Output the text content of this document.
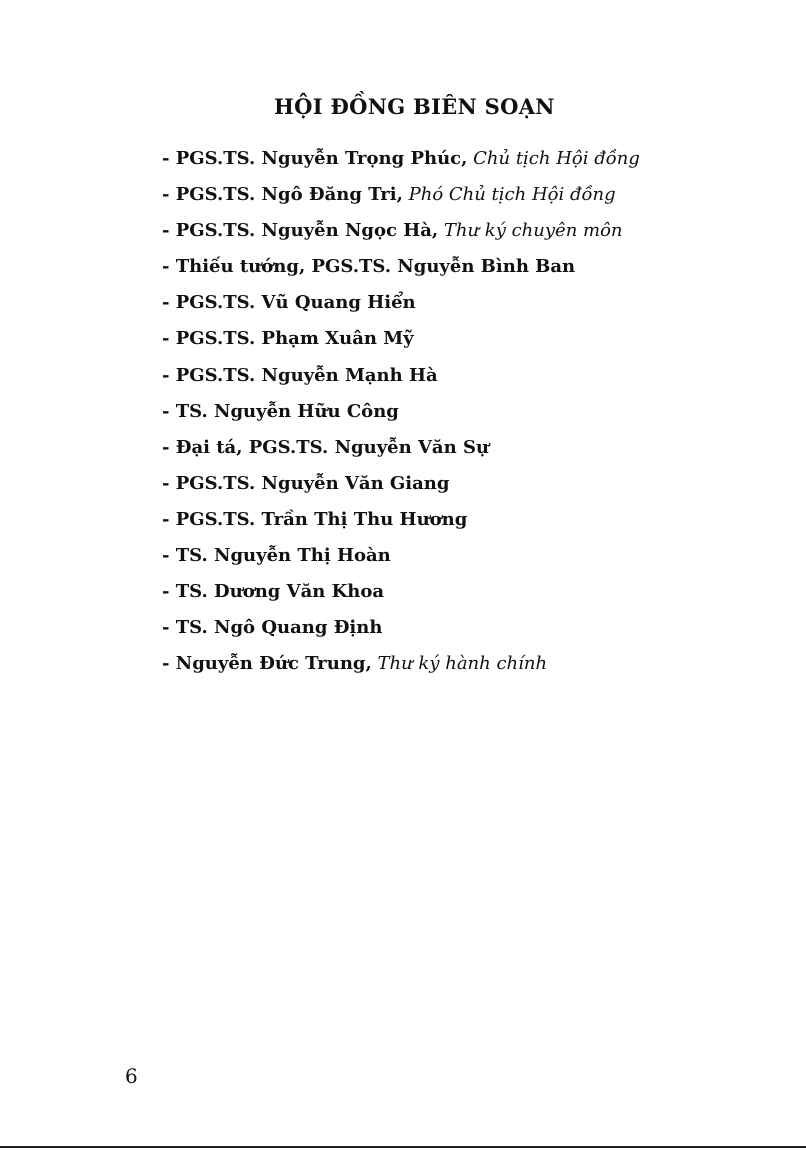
HỘI ĐỒNG BIÊN SOẠN
- PGS.TS. Nguyễn Trọng Phúc, Chủ tịch Hội đồng
- PGS.TS. Ngô Đăng Tri, Phó Chủ tịch Hội đồng
- PGS.TS. Nguyễn Ngọc Hà, Thư ký chuyên môn
- Thiếu tướng, PGS.TS. Nguyễn Bình Ban
- PGS.TS. Vũ Quang Hiển
- PGS.TS. Phạm Xuân Mỹ
- PGS.TS. Nguyễn Mạnh Hà
- TS. Nguyễn Hữu Công
- Đại tá, PGS.TS. Nguyễn Văn Sự
- PGS.TS. Nguyễn Văn Giang
- PGS.TS. Trần Thị Thu Hương
- TS. Nguyễn Thị Hoàn
- TS. Dương Văn Khoa
- TS. Ngô Quang Định
- Nguyễn Đức Trung, Thư ký hành chính
6
